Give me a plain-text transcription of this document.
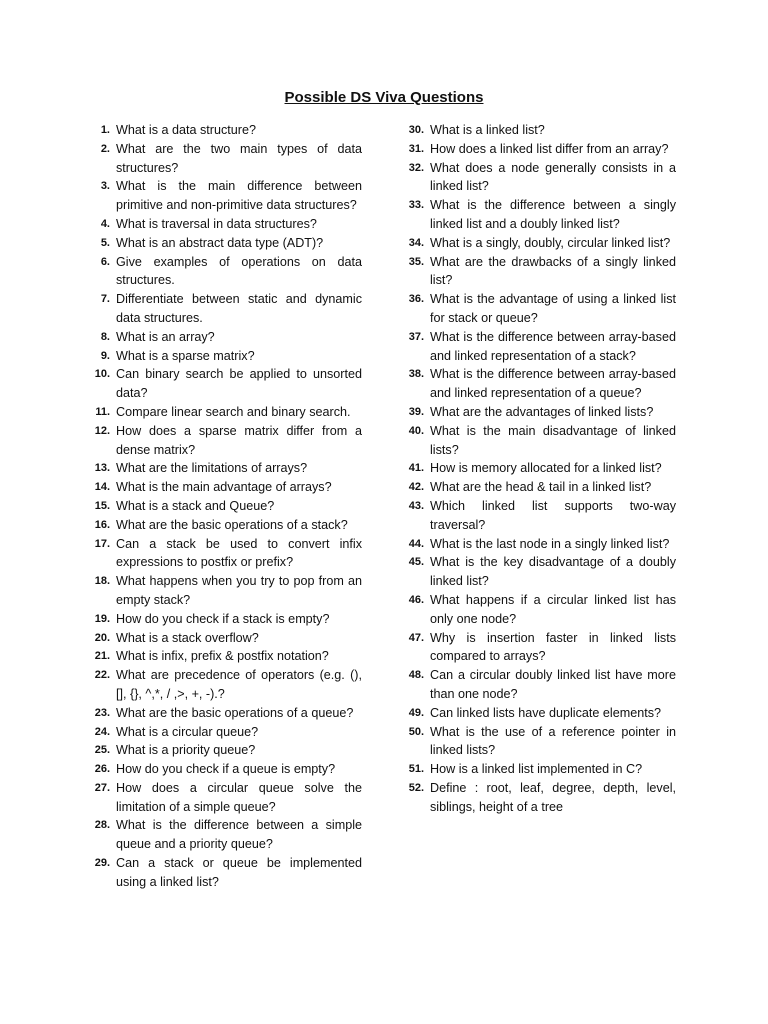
Possible DS Viva Questions
1. What is a data structure?
2. What are the two main types of data structures?
3. What is the main difference between primitive and non-primitive data structures?
4. What is traversal in data structures?
5. What is an abstract data type (ADT)?
6. Give examples of operations on data structures.
7. Differentiate between static and dynamic data structures.
8. What is an array?
9. What is a sparse matrix?
10. Can binary search be applied to unsorted data?
11. Compare linear search and binary search.
12. How does a sparse matrix differ from a dense matrix?
13. What are the limitations of arrays?
14. What is the main advantage of arrays?
15. What is a stack and Queue?
16. What are the basic operations of a stack?
17. Can a stack be used to convert infix expressions to postfix or prefix?
18. What happens when you try to pop from an empty stack?
19. How do you check if a stack is empty?
20. What is a stack overflow?
21. What is infix, prefix & postfix notation?
22. What are precedence of operators (e.g. (), [], {}, ^,*, / ,>, +, -).?
23. What are the basic operations of a queue?
24. What is a circular queue?
25. What is a priority queue?
26. How do you check if a queue is empty?
27. How does a circular queue solve the limitation of a simple queue?
28. What is the difference between a simple queue and a priority queue?
29. Can a stack or queue be implemented using a linked list?
30. What is a linked list?
31. How does a linked list differ from an array?
32. What does a node generally consists in a linked list?
33. What is the difference between a singly linked list and a doubly linked list?
34. What is a singly, doubly, circular linked list?
35. What are the drawbacks of a singly linked list?
36. What is the advantage of using a linked list for stack or queue?
37. What is the difference between array-based and linked representation of a stack?
38. What is the difference between array-based and linked representation of a queue?
39. What are the advantages of linked lists?
40. What is the main disadvantage of linked lists?
41. How is memory allocated for a linked list?
42. What are the head & tail in a linked list?
43. Which linked list supports two-way traversal?
44. What is the last node in a singly linked list?
45. What is the key disadvantage of a doubly linked list?
46. What happens if a circular linked list has only one node?
47. Why is insertion faster in linked lists compared to arrays?
48. Can a circular doubly linked list have more than one node?
49. Can linked lists have duplicate elements?
50. What is the use of a reference pointer in linked lists?
51. How is a linked list implemented in C?
52. Define : root, leaf, degree, depth, level, siblings, height of a tree
